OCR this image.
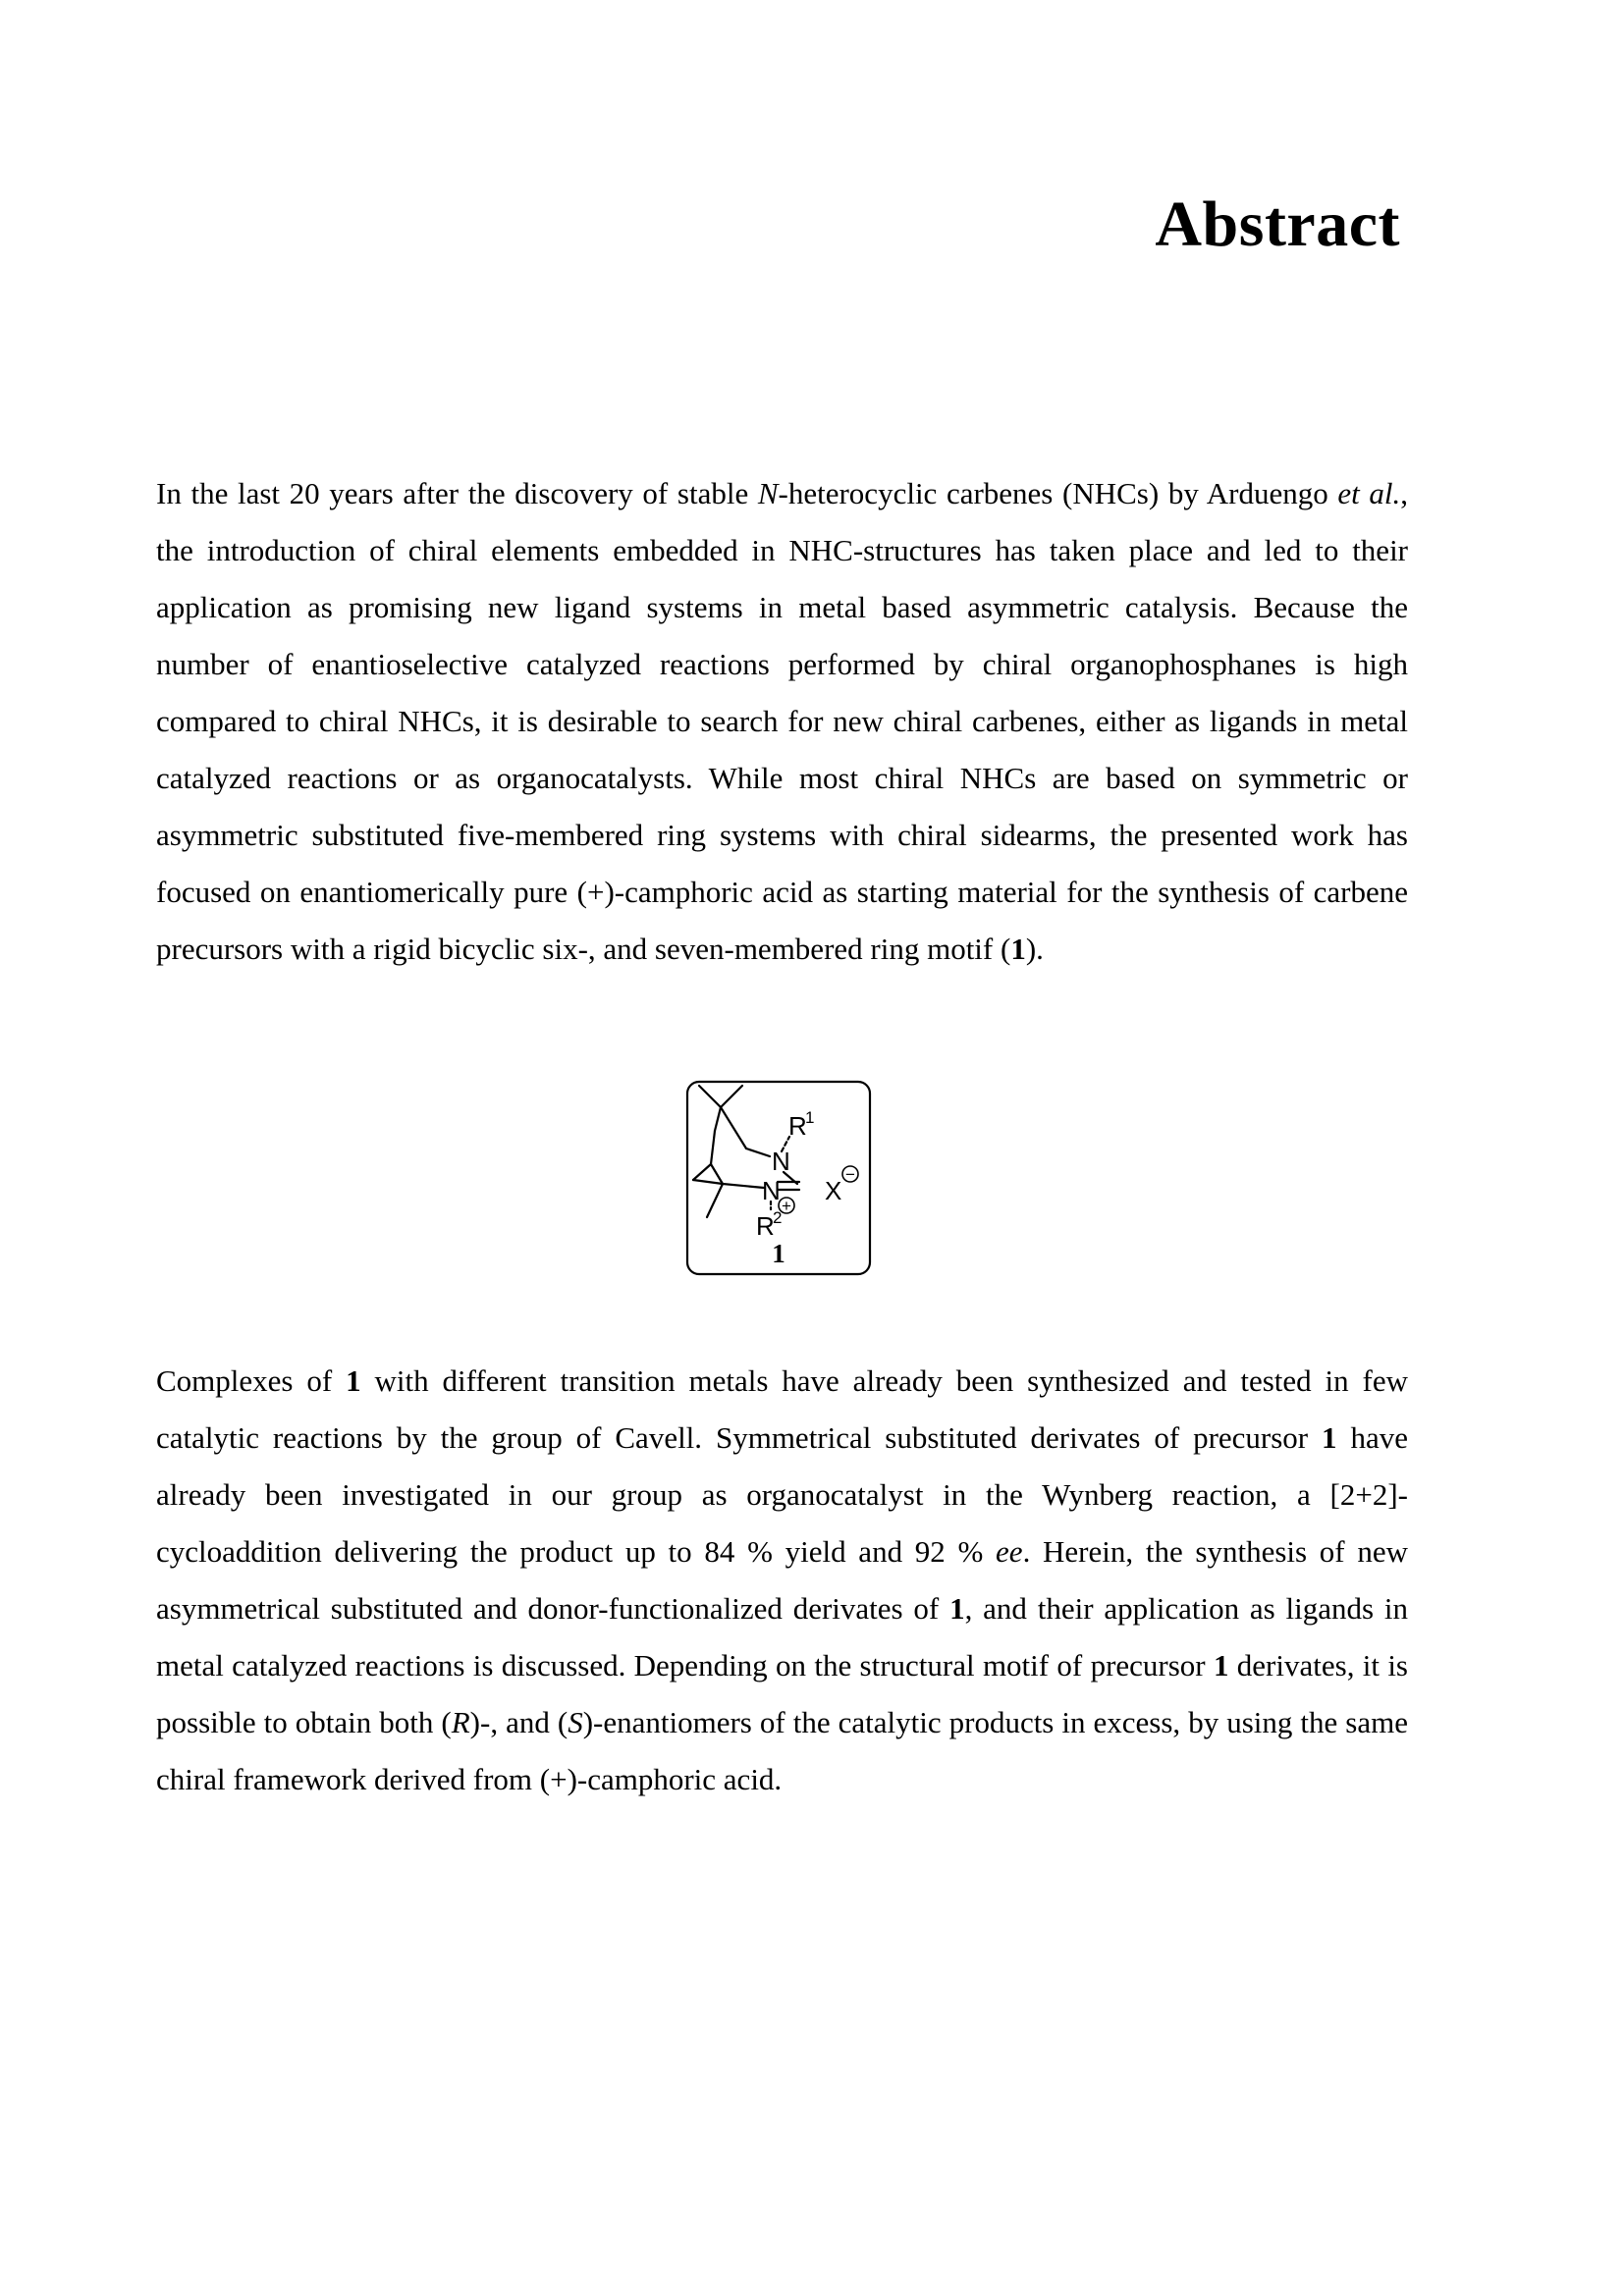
Abstract

In the last 20 years after the discovery of stable N-heterocyclic carbenes (NHCs) by Arduengo et al., the introduction of chiral elements embedded in NHC-structures has taken place and led to their application as promising new ligand systems in metal based asymmetric catalysis. Because the number of enantioselective catalyzed reactions performed by chiral organophosphanes is high compared to chiral NHCs, it is desirable to search for new chiral carbenes, either as ligands in metal catalyzed reactions or as organocatalysts. While most chiral NHCs are based on symmetric or asymmetric substituted five-membered ring systems with chiral sidearms, the presented work has focused on enantiomerically pure (+)-camphoric acid as starting material for the synthesis of carbene precursors with a rigid bicyclic six-, and seven-membered ring motif (1).

R
1
N
N
+
X
−
R
2
1

Complexes of 1 with different transition metals have already been synthesized and tested in few catalytic reactions by the group of Cavell. Symmetrical substituted derivates of precursor 1 have already been investigated in our group as organocatalyst in the Wynberg reaction, a [2+2]-cycloaddition delivering the product up to 84 % yield and 92 % ee. Herein, the synthesis of new asymmetrical substituted and donor-functionalized derivates of 1, and their application as ligands in metal catalyzed reactions is discussed. Depending on the structural motif of precursor 1 derivates, it is possible to obtain both (R)-, and (S)-enantiomers of the catalytic products in excess, by using the same chiral framework derived from (+)-camphoric acid.
